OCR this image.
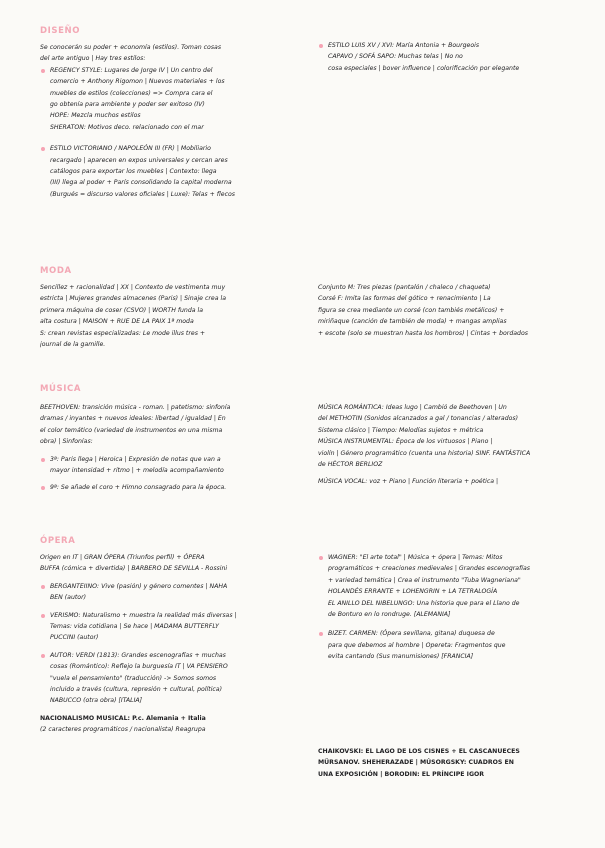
DISEÑO
Se conocerán su poder + economía (estilos). Toman cosas
del arte antiguo | Hay tres estilos:
REGENCY STYLE: Lugares de Jorge IV | Un centro del
comercio + Anthony Rigomon | Nuevos materiales + los
muebles de estilos (colecciones) => Compra cara el
go obtenía para ambiente y poder ser exitoso (IV)
HOPE: Mezcla muchos estilos
SHERATON: Motivos deco. relacionado con el mar
ESTILO VICTORIANO / NAPOLEÓN III (FR) | Mobiliario
recargado | aparecen en expos universales y cercan ares
catálogos para exportar los muebles | Contexto: llega
(III) llega al poder + París consolidando la capital moderna
(Burgués = discurso valores oficiales | Luxe): Telas + flecos
MODA
Sencillez + racionalidad | XX | Contexto de vestimenta muy
estricta | Mujeres grandes almacenes (Paris) | Sinaje crea la
primera máquina de coser (CSVO) | WORTH funda la
alta costura | MAISON + RUE DE LA PAIX 1ª moda
S: crean revistas especializadas: Le mode illus tres +
journal de la gamille.
MÚSICA
BEETHOVEN: transición música - roman. | patetismo: sinfonía
dramas / inyantes + nuevos ideales: libertad / igualdad | En
el color temático (variedad de instrumentos en una misma
obra) | Sinfonías:
3ª: Paris llega | Heroica | Expresión de notas que van a
mayor intensidad + ritmo | + melodía acompañamiento
9ª: Se añade el coro + Himno consagrado para la época.
ÓPERA
Origen en IT | GRAN ÓPERA (Triunfos perfil) + ÓPERA
BUFFA (cómica + divertida) | BARBERO DE SEVILLA - Rossini
BERGANTEIINO: Vive (pasión) y género comentes | NAHA
BEN (autor)
VERISMO: Naturalismo + muestra la realidad más diversas |
Temas: vida cotidiana | Se hace | MADAMA BUTTERFLY
PUCCINI (autor)
AUTOR: VERDI (1813): Grandes escenografías + muchas
cosas (Romántico): Reflejo la burguesía IT | VA PENSIERO
"vuela el pensamiento" (traducción) -> Somos somos
incluido a través (cultura, represión + cultural, política)
NABUCCO (otra obra) [ITALIA]
NACIONALISMO MUSICAL: P.c. Alemania + Italia
(2 caracteres programáticos / nacionalista) Reagrupa
ESTILO LUIS XV / XVI: María Antonia + Bourgeois
CAPAVO / SOFÁ SAPO: Muchas telas | No no
cosa especiales | bover influence | colorificación por elegante
Conjunto M: Tres piezas (pantalón / chaleco / chaqueta)
Corsé F: Imita las formas del gótico + renacimiento | La
figura se crea mediante un corsé (con tambiés metálicos) +
miriñaque (canción de también de moda) + mangas amplias
+ escote (solo se muestran hasta los hombros) | Cintas + bordados
MÚSICA ROMÁNTICA: Ideas lugo | Cambió de Beethoven | Un
del METHOTIN (Sonidos alcanzados a gal / tonancias / alterados)
Sistema clásico | Tiempo: Melodías sujetos + métrica
MÚSICA INSTRUMENTAL: Época de los virtuosos | Piano |
violín | Género programático (cuenta una historia) SINF. FANTÁSTICA
de HÉCTOR BERLIOZ
MÚSICA VOCAL: voz + Piano | Función literaria + poética |
WAGNER: "El arte total" | Música + ópera | Temas: Mitos
programáticos + creaciones medievales | Grandes escenografías
+ variedad temática | Crea el instrumento "Tuba Wagneriana"
HOLANDÉS ERRANTE + LOHENGRIN + LA TETRALOGÍA
EL ANILLO DEL NIBELUNGO: Una historia que para el Llano de
de Bonturo en lo rondruge. [ALEMANIA]
BIZET. CARMEN: (Ópera sevillana, gitana) duquesa de
para que debemos al hombre | Opereta: Fragmentos que
evita cantando (Sus manumisiones) [FRANCIA]
CHAIKOVSKI: EL LAGO DE LOS CISNES + EL CASCANUECES
MÜRSANOV. SHEHERAZADE | MÚSORGSKY: CUADROS EN
UNA EXPOSICIÓN | BORODIN: EL PRÍNCIPE IGOR
